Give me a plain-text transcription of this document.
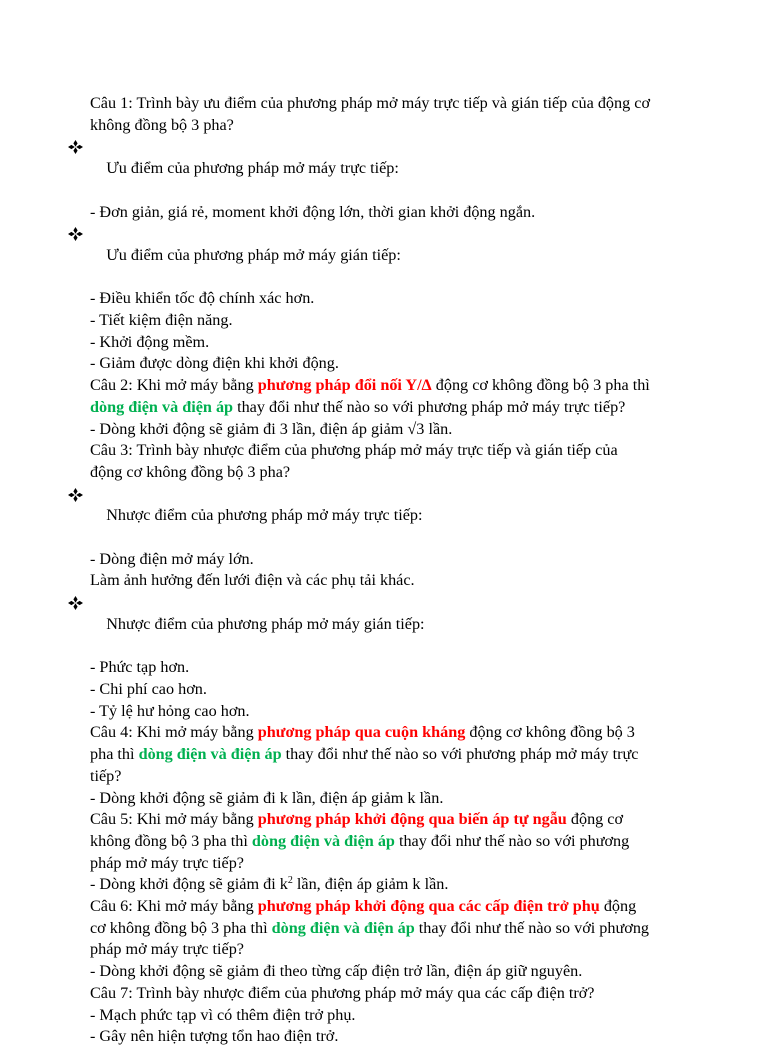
Câu 1: Trình bày ưu điểm của phương pháp mở máy trực tiếp và gián tiếp của động cơ
không đồng bộ 3 pha?

Ưu điểm của phương pháp mở máy trực tiếp:

- Đơn giản, giá rẻ, moment khởi động lớn, thời gian khởi động ngắn.

Ưu điểm của phương pháp mở máy gián tiếp:

- Điều khiển tốc độ chính xác hơn.
- Tiết kiệm điện năng.
- Khởi động mềm.
- Giảm được dòng điện khi khởi động.
Câu 2: Khi mở máy bằng phương pháp đổi nối Y/Δ động cơ không đồng bộ 3 pha thì
dòng điện và điện áp thay đổi như thế nào so với phương pháp mở máy trực tiếp?
- Dòng khởi động sẽ giảm đi 3 lần, điện áp giảm √3 lần.
Câu 3: Trình bày nhược điểm của phương pháp mở máy trực tiếp và gián tiếp của
động cơ không đồng bộ 3 pha?

Nhược điểm của phương pháp mở máy trực tiếp:

- Dòng điện mở máy lớn.
Làm ảnh hưởng đến lưới điện và các phụ tải khác.

Nhược điểm của phương pháp mở máy gián tiếp:

- Phức tạp hơn.
- Chi phí cao hơn.
- Tỷ lệ hư hỏng cao hơn.
Câu 4: Khi mở máy bằng phương pháp qua cuộn kháng động cơ không đồng bộ 3
pha thì dòng điện và điện áp thay đổi như thế nào so với phương pháp mở máy trực
tiếp?
- Dòng khởi động sẽ giảm đi k lần, điện áp giảm k lần.
Câu 5: Khi mở máy bằng phương pháp khởi động qua biến áp tự ngẫu động cơ
không đồng bộ 3 pha thì dòng điện và điện áp thay đổi như thế nào so với phương
pháp mở máy trực tiếp?
- Dòng khởi động sẽ giảm đi $k^2$ lần, điện áp giảm k lần.
Câu 6: Khi mở máy bằng phương pháp khởi động qua các cấp điện trở phụ động
cơ không đồng bộ 3 pha thì dòng điện và điện áp thay đổi như thế nào so với phương
pháp mở máy trực tiếp?
- Dòng khởi động sẽ giảm đi theo từng cấp điện trở lần, điện áp giữ nguyên.
Câu 7: Trình bày nhược điểm của phương pháp mở máy qua các cấp điện trở?
- Mạch phức tạp vì có thêm điện trở phụ.
- Gây nên hiện tượng tổn hao điện trở.
